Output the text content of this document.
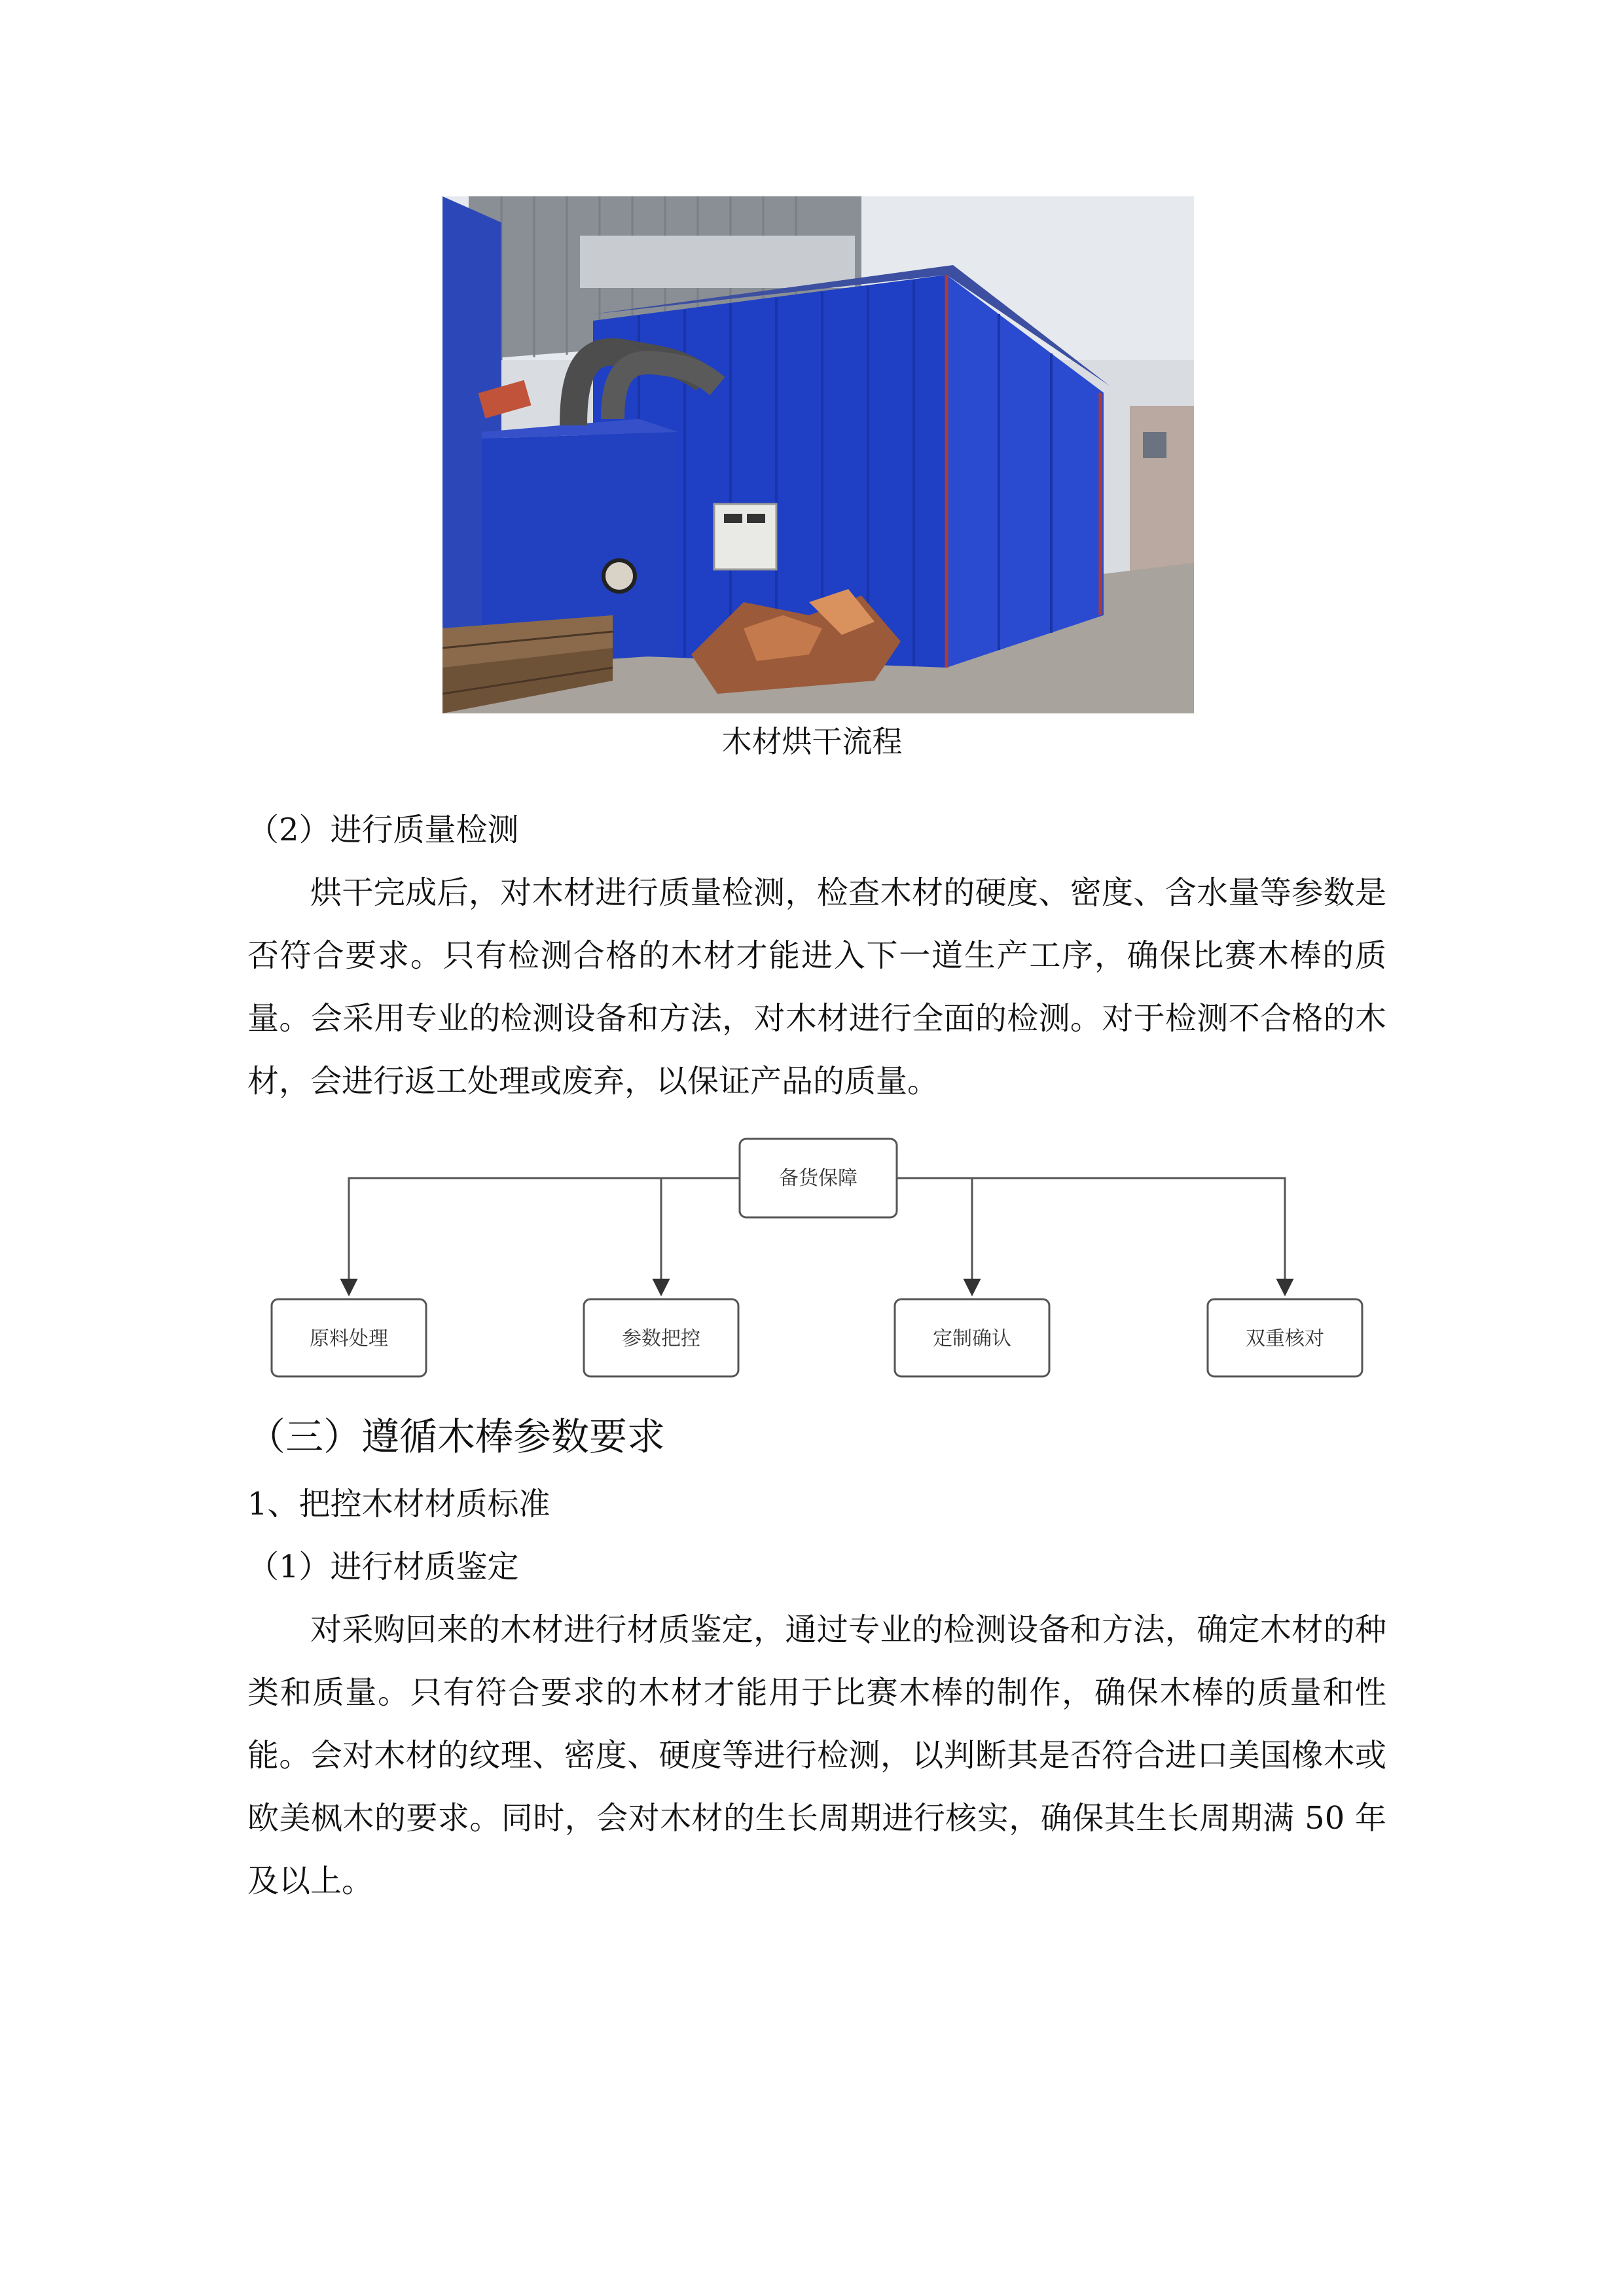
木材烘干流程
（2）进行质量检测
烘干完成后，对木材进行质量检测，检查木材的硬度、密度、含水量等参数是否符合要求。只有检测合格的木材才能进入下一道生产工序，确保比赛木棒的质量。会采用专业的检测设备和方法，对木材进行全面的检测。对于检测不合格的木材，会进行返工处理或废弃，以保证产品的质量。
备货保障
原料处理	参数把控	定制确认	双重核对
（三）遵循木棒参数要求
1、把控木材材质标准
（1）进行材质鉴定
对采购回来的木材进行材质鉴定，通过专业的检测设备和方法，确定木材的种类和质量。只有符合要求的木材才能用于比赛木棒的制作，确保木棒的质量和性能。会对木材的纹理、密度、硬度等进行检测，以判断其是否符合进口美国橡木或欧美枫木的要求。同时，会对木材的生长周期进行核实，确保其生长周期满 50 年及以上。
